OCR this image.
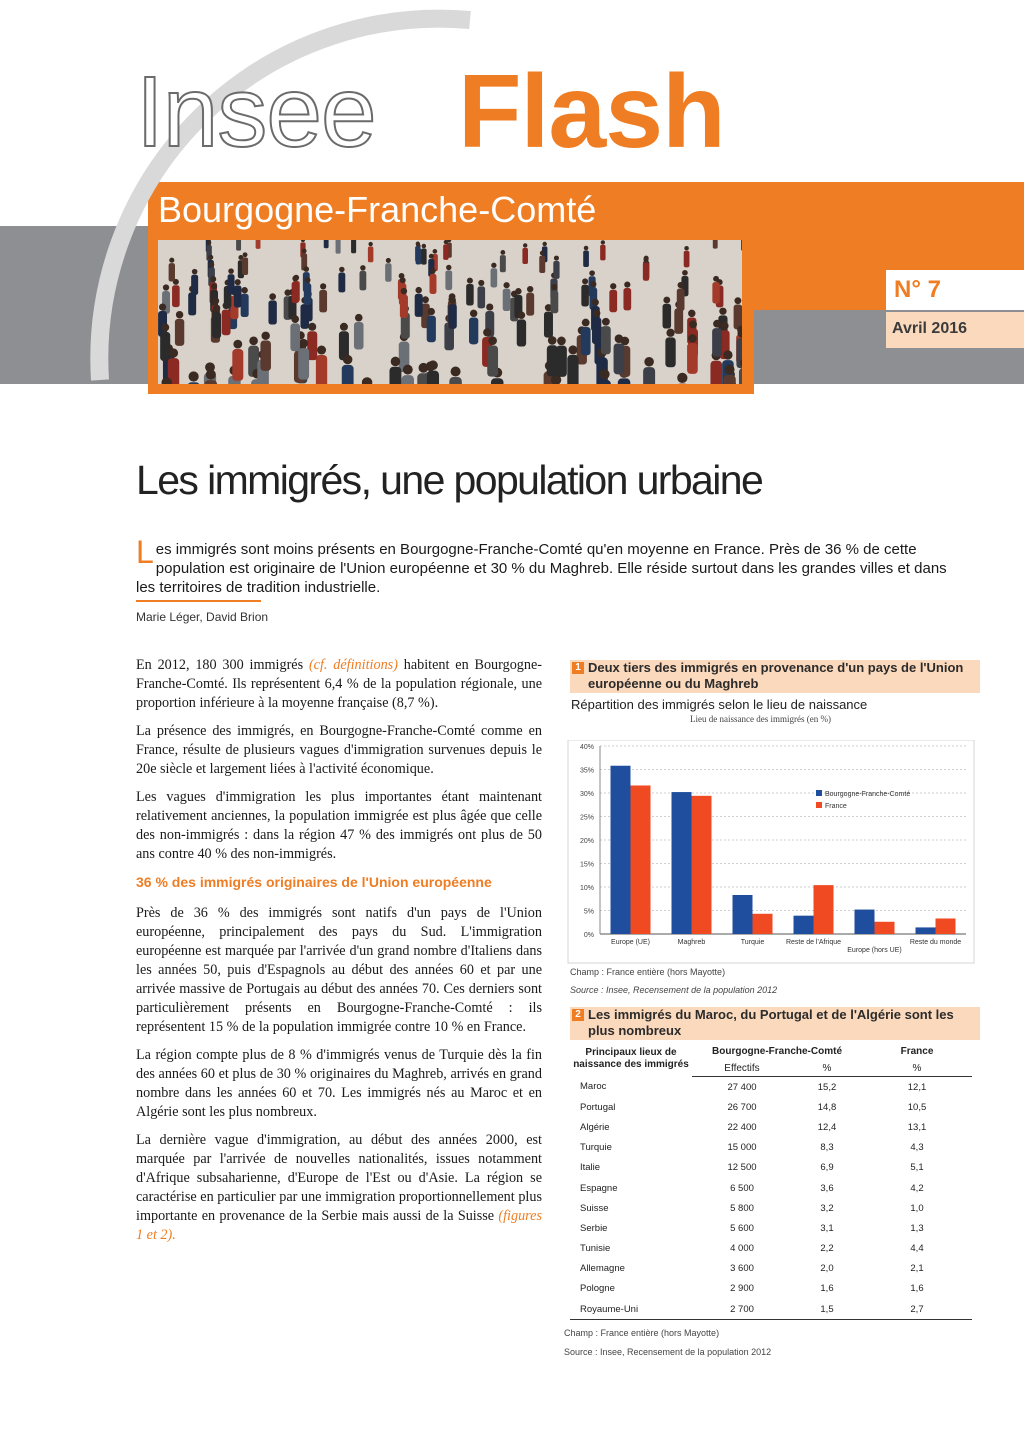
Insee Flash
Bourgogne-Franche-Comté
N° 7
Avril 2016
Les immigrés, une population urbaine
Les immigrés sont moins présents en Bourgogne-Franche-Comté qu'en moyenne en France. Près de 36 % de cette population est originaire de l'Union européenne et 30 % du Maghreb. Elle réside surtout dans les grandes villes et dans les territoires de tradition industrielle.
Marie Léger, David Brion

En 2012, 180 300 immigrés (cf. définitions) habitent en Bourgogne-Franche-Comté. Ils représentent 6,4 % de la population régionale, une proportion inférieure à la moyenne française (8,7 %).

La présence des immigrés, en Bourgogne-Franche-Comté comme en France, résulte de plusieurs vagues d'immigration survenues depuis le 20e siècle et largement liées à l'activité économique.

Les vagues d'immigration les plus importantes étant maintenant relativement anciennes, la population immigrée est plus âgée que celle des non-immigrés : dans la région 47 % des immigrés ont plus de 50 ans contre 40 % des non-immigrés.

36 % des immigrés originaires de l'Union européenne

Près de 36 % des immigrés sont natifs d'un pays de l'Union européenne, principalement des pays du Sud. L'immigration européenne est marquée par l'arrivée d'un grand nombre d'Italiens dans les années 50, puis d'Espagnols au début des années 60 et par une arrivée massive de Portugais au début des années 70. Ces derniers sont particulièrement présents en Bourgogne-Franche-Comté : ils représentent 15 % de la population immigrée contre 10 % en France.

La région compte plus de 8 % d'immigrés venus de Turquie dès la fin des années 60 et plus de 30 % originaires du Maghreb, arrivés en grand nombre dans les années 60 et 70. Les immigrés nés au Maroc et en Algérie sont les plus nombreux.

La dernière vague d'immigration, au début des années 2000, est marquée par l'arrivée de nouvelles nationalités, issues notamment d'Afrique subsaharienne, d'Europe de l'Est ou d'Asie. La région se caractérise en particulier par une immigration proportionnellement plus importante en provenance de la Serbie mais aussi de la Suisse (figures 1 et 2).

1 Deux tiers des immigrés en provenance d'un pays de l'Union européenne ou du Maghreb
Répartition des immigrés selon le lieu de naissance
Lieu de naissance des immigrés (en %)
40%
35%
30%
25%
20%
15%
10%
5%
0%
Europe (UE)	Maghreb	Turquie	Reste de l'Afrique
Europe (hors UE)
Reste du monde
Bourgogne-Franche-Comté
France
Champ : France entière (hors Mayotte)
Source : Insee, Recensement de la population 2012
2 Les immigrés du Maroc, du Portugal et de l'Algérie sont les plus nombreux
Principaux lieux de naissance des immigrés	Bourgogne-Franche-Comté		France
	Effectifs	%	%
Maroc	27 400	15,2	12,1
Portugal	26 700	14,8	10,5
Algérie	22 400	12,4	13,1
Turquie	15 000	8,3	4,3
Italie	12 500	6,9	5,1
Espagne	6 500	3,6	4,2
Suisse	5 800	3,2	1,0
Serbie	5 600	3,1	1,3
Tunisie	4 000	2,2	4,4
Allemagne	3 600	2,0	2,1
Pologne	2 900	1,6	1,6
Royaume-Uni	2 700	1,5	2,7
Champ : France entière (hors Mayotte)
Source : Insee, Recensement de la population 2012
